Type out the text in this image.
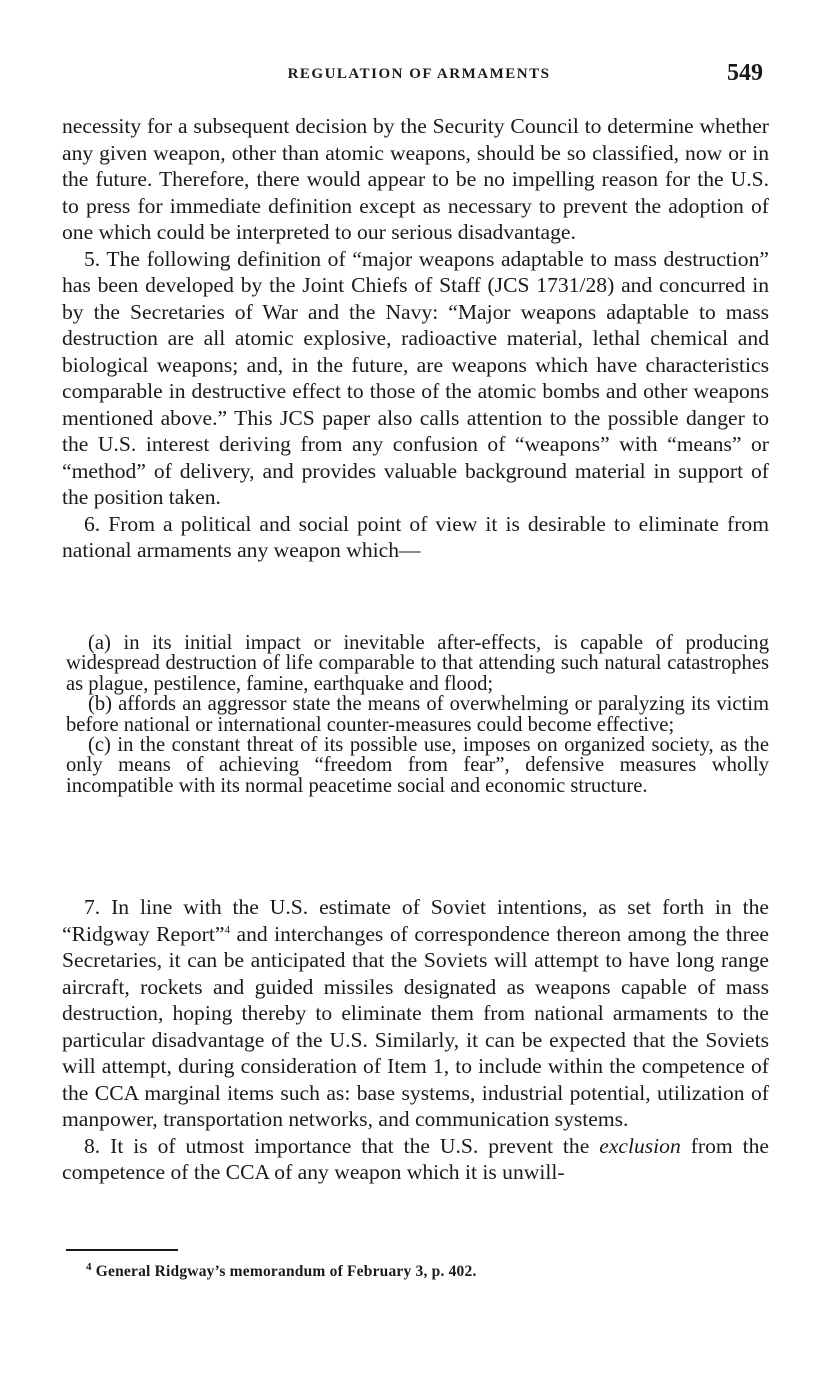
REGULATION OF ARMAMENTS	549

necessity for a subsequent decision by the Security Council to determine whether any given weapon, other than atomic weapons, should be so classified, now or in the future. Therefore, there would appear to be no impelling reason for the U.S. to press for immediate definition except as necessary to prevent the adoption of one which could be interpreted to our serious disadvantage.

5. The following definition of “major weapons adaptable to mass destruction” has been developed by the Joint Chiefs of Staff (JCS 1731/28) and concurred in by the Secretaries of War and the Navy: “Major weapons adaptable to mass destruction are all atomic explosive, radioactive material, lethal chemical and biological weapons; and, in the future, are weapons which have characteristics comparable in destructive effect to those of the atomic bombs and other weapons mentioned above.” This JCS paper also calls attention to the possible danger to the U.S. interest deriving from any confusion of “weapons” with “means” or “method” of delivery, and provides valuable background material in support of the position taken.

6. From a political and social point of view it is desirable to eliminate from national armaments any weapon which—

(a) in its initial impact or inevitable after-effects, is capable of producing widespread destruction of life comparable to that attending such natural catastrophes as plague, pestilence, famine, earthquake and flood;

(b) affords an aggressor state the means of overwhelming or paralyzing its victim before national or international counter-measures could become effective;

(c) in the constant threat of its possible use, imposes on organized society, as the only means of achieving “freedom from fear”, defensive measures wholly incompatible with its normal peacetime social and economic structure.

7. In line with the U.S. estimate of Soviet intentions, as set forth in the “Ridgway Report”$^4$ and interchanges of correspondence thereon among the three Secretaries, it can be anticipated that the Soviets will attempt to have long range aircraft, rockets and guided missiles designated as weapons capable of mass destruction, hoping thereby to eliminate them from national armaments to the particular disadvantage of the U.S. Similarly, it can be expected that the Soviets will attempt, during consideration of Item 1, to include within the competence of the CCA marginal items such as: base systems, industrial potential, utilization of manpower, transportation networks, and communication systems.

8. It is of utmost importance that the U.S. prevent the exclusion from the competence of the CCA of any weapon which it is unwill-

$^4$ General Ridgway’s memorandum of February 3, p. 402.
